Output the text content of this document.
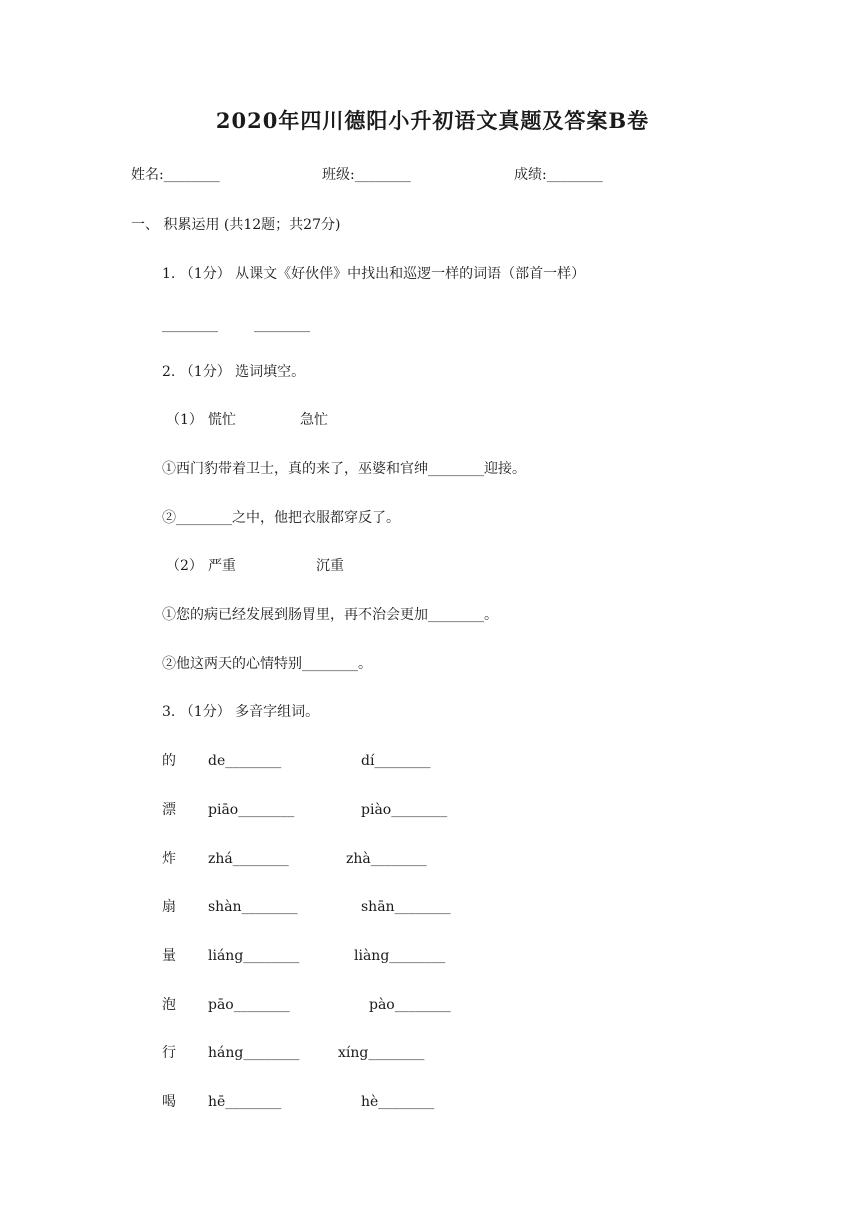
2020年四川德阳小升初语文真题及答案B卷
姓名:________	班级:________	成绩:________
一、 积累运用 (共12题；共27分)
1. （1分） 从课文《好伙伴》中找出和巡逻一样的词语（部首一样）
________	________
2. （1分） 选词填空。
（1） 慌忙	急忙
①西门豹带着卫士，真的来了，巫婆和官绅________迎接。
②________之中，他把衣服都穿反了。
（2） 严重	沉重
①您的病已经发展到肠胃里，再不治会更加________。
②他这两天的心情特别________。
3. （1分） 多音字组词。
的 de________	dí________
漂 piāo________	piào________
炸 zhá________	zhà________
扇 shàn________	shān________
量 liáng________	liàng________
泡 pāo________	pào________
行 háng________	xíng________
喝 hē________	hè________
